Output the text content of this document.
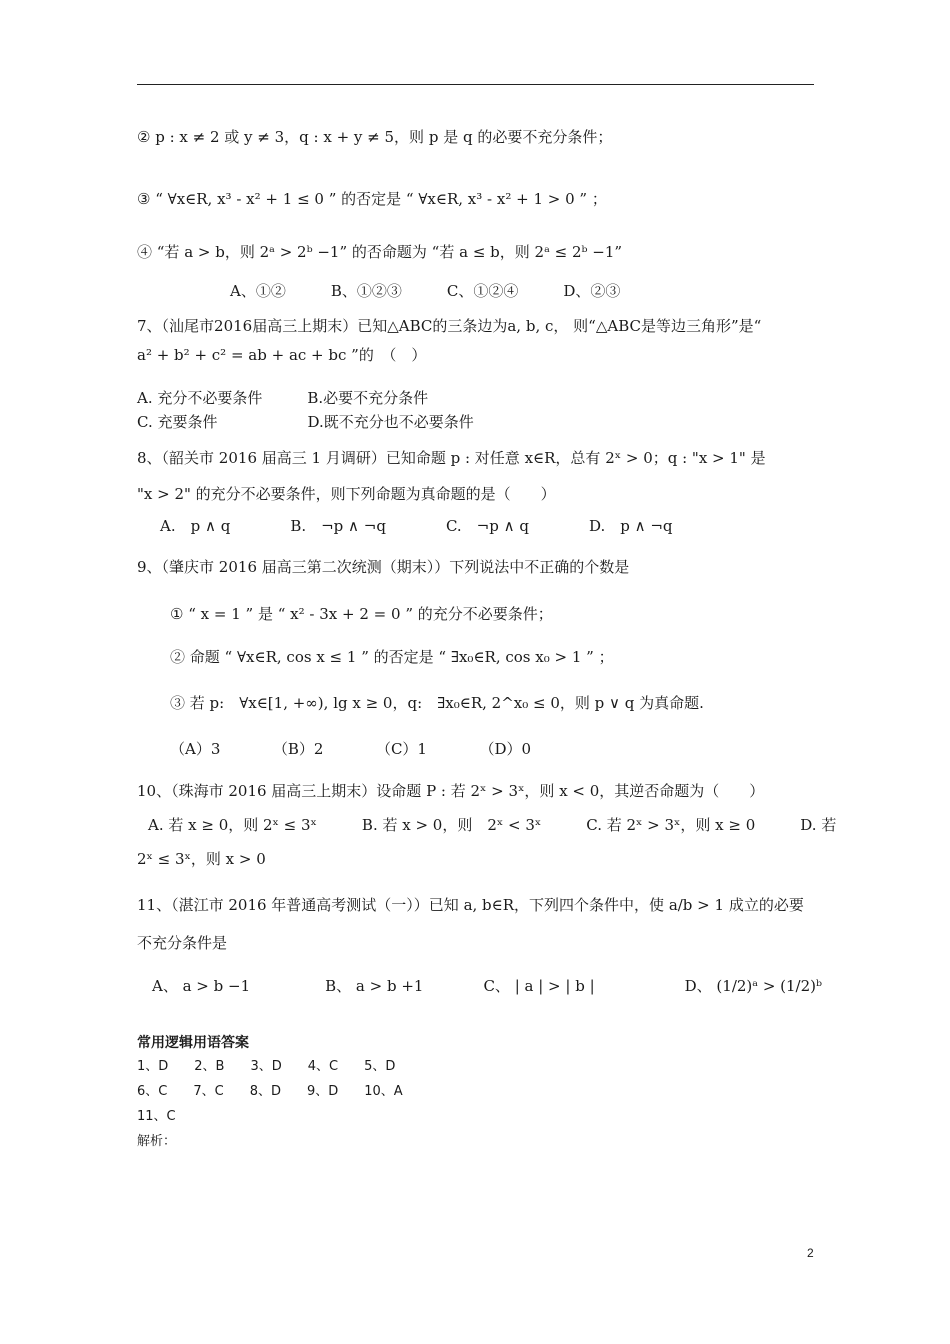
② p : x ≠ 2 或 y ≠ 3，q : x + y ≠ 5，则 p 是 q 的必要不充分条件；
③ “ ∀x∈R, x³ - x² + 1 ≤ 0 ” 的否定是 “ ∀x∈R, x³ - x² + 1 > 0 ” ；
④ “若 a > b，则 2ᵃ > 2ᵇ −1” 的否命题为 “若 a ≤ b，则 2ᵃ ≤ 2ᵇ −1”
A、①②　　　B、①②③　　　C、①②④　　　D、②③
7、（汕尾市2016届高三上期末）已知△ABC的三条边为a, b, c， 则“△ABC是等边三角形”是“
a² + b² + c² = ab + ac + bc ”的　（　）
A. 充分不必要条件　　　B.必要不充分条件
C. 充要条件　　　　　　D.既不充分也不必要条件
8、（韶关市 2016 届高三 1 月调研）已知命题 p : 对任意 x∈R，总有 2ˣ > 0；q : "x > 1" 是
"x > 2" 的充分不必要条件，则下列命题为真命题的是（　　）
A.　p ∧ q　　　　B.　¬p ∧ ¬q　　　　C.　¬p ∧ q　　　　D.　p ∧ ¬q
9、（肇庆市 2016 届高三第二次统测（期末））下列说法中不正确的个数是
① “ x = 1 ” 是 “ x² - 3x + 2 = 0 ” 的充分不必要条件；
② 命题 “ ∀x∈R, cos x ≤ 1 ” 的否定是 “ ∃x₀∈R, cos x₀ > 1 ” ；
③ 若 p:　∀x∈[1, +∞), lg x ≥ 0，q:　∃x₀∈R, 2^x₀ ≤ 0，则 p ∨ q 为真命题.
（A）3　　　　（B）2　　　　（C）1　　　　（D）0
10、（珠海市 2016 届高三上期末）设命题 P : 若 2ˣ > 3ˣ，则 x < 0，其逆否命题为（　　）
A. 若 x ≥ 0，则 2ˣ ≤ 3ˣ　　　B. 若 x > 0，则　2ˣ < 3ˣ　　　C. 若 2ˣ > 3ˣ，则 x ≥ 0　　　D. 若
2ˣ ≤ 3ˣ，则 x > 0
11、（湛江市 2016 年普通高考测试（一））已知 a, b∈R，下列四个条件中，使 a/b > 1 成立的必要
不充分条件是
A、 a > b −1　　　　　B、 a > b +1　　　　C、 | a | > | b |　　　　　　D、 (1/2)ᵃ > (1/2)ᵇ
常用逻辑用语答案
1、D　　2、B　　3、D　　4、C　　5、D
6、C　　7、C　　8、D　　9、D　　10、A
11、C
解析：
2
